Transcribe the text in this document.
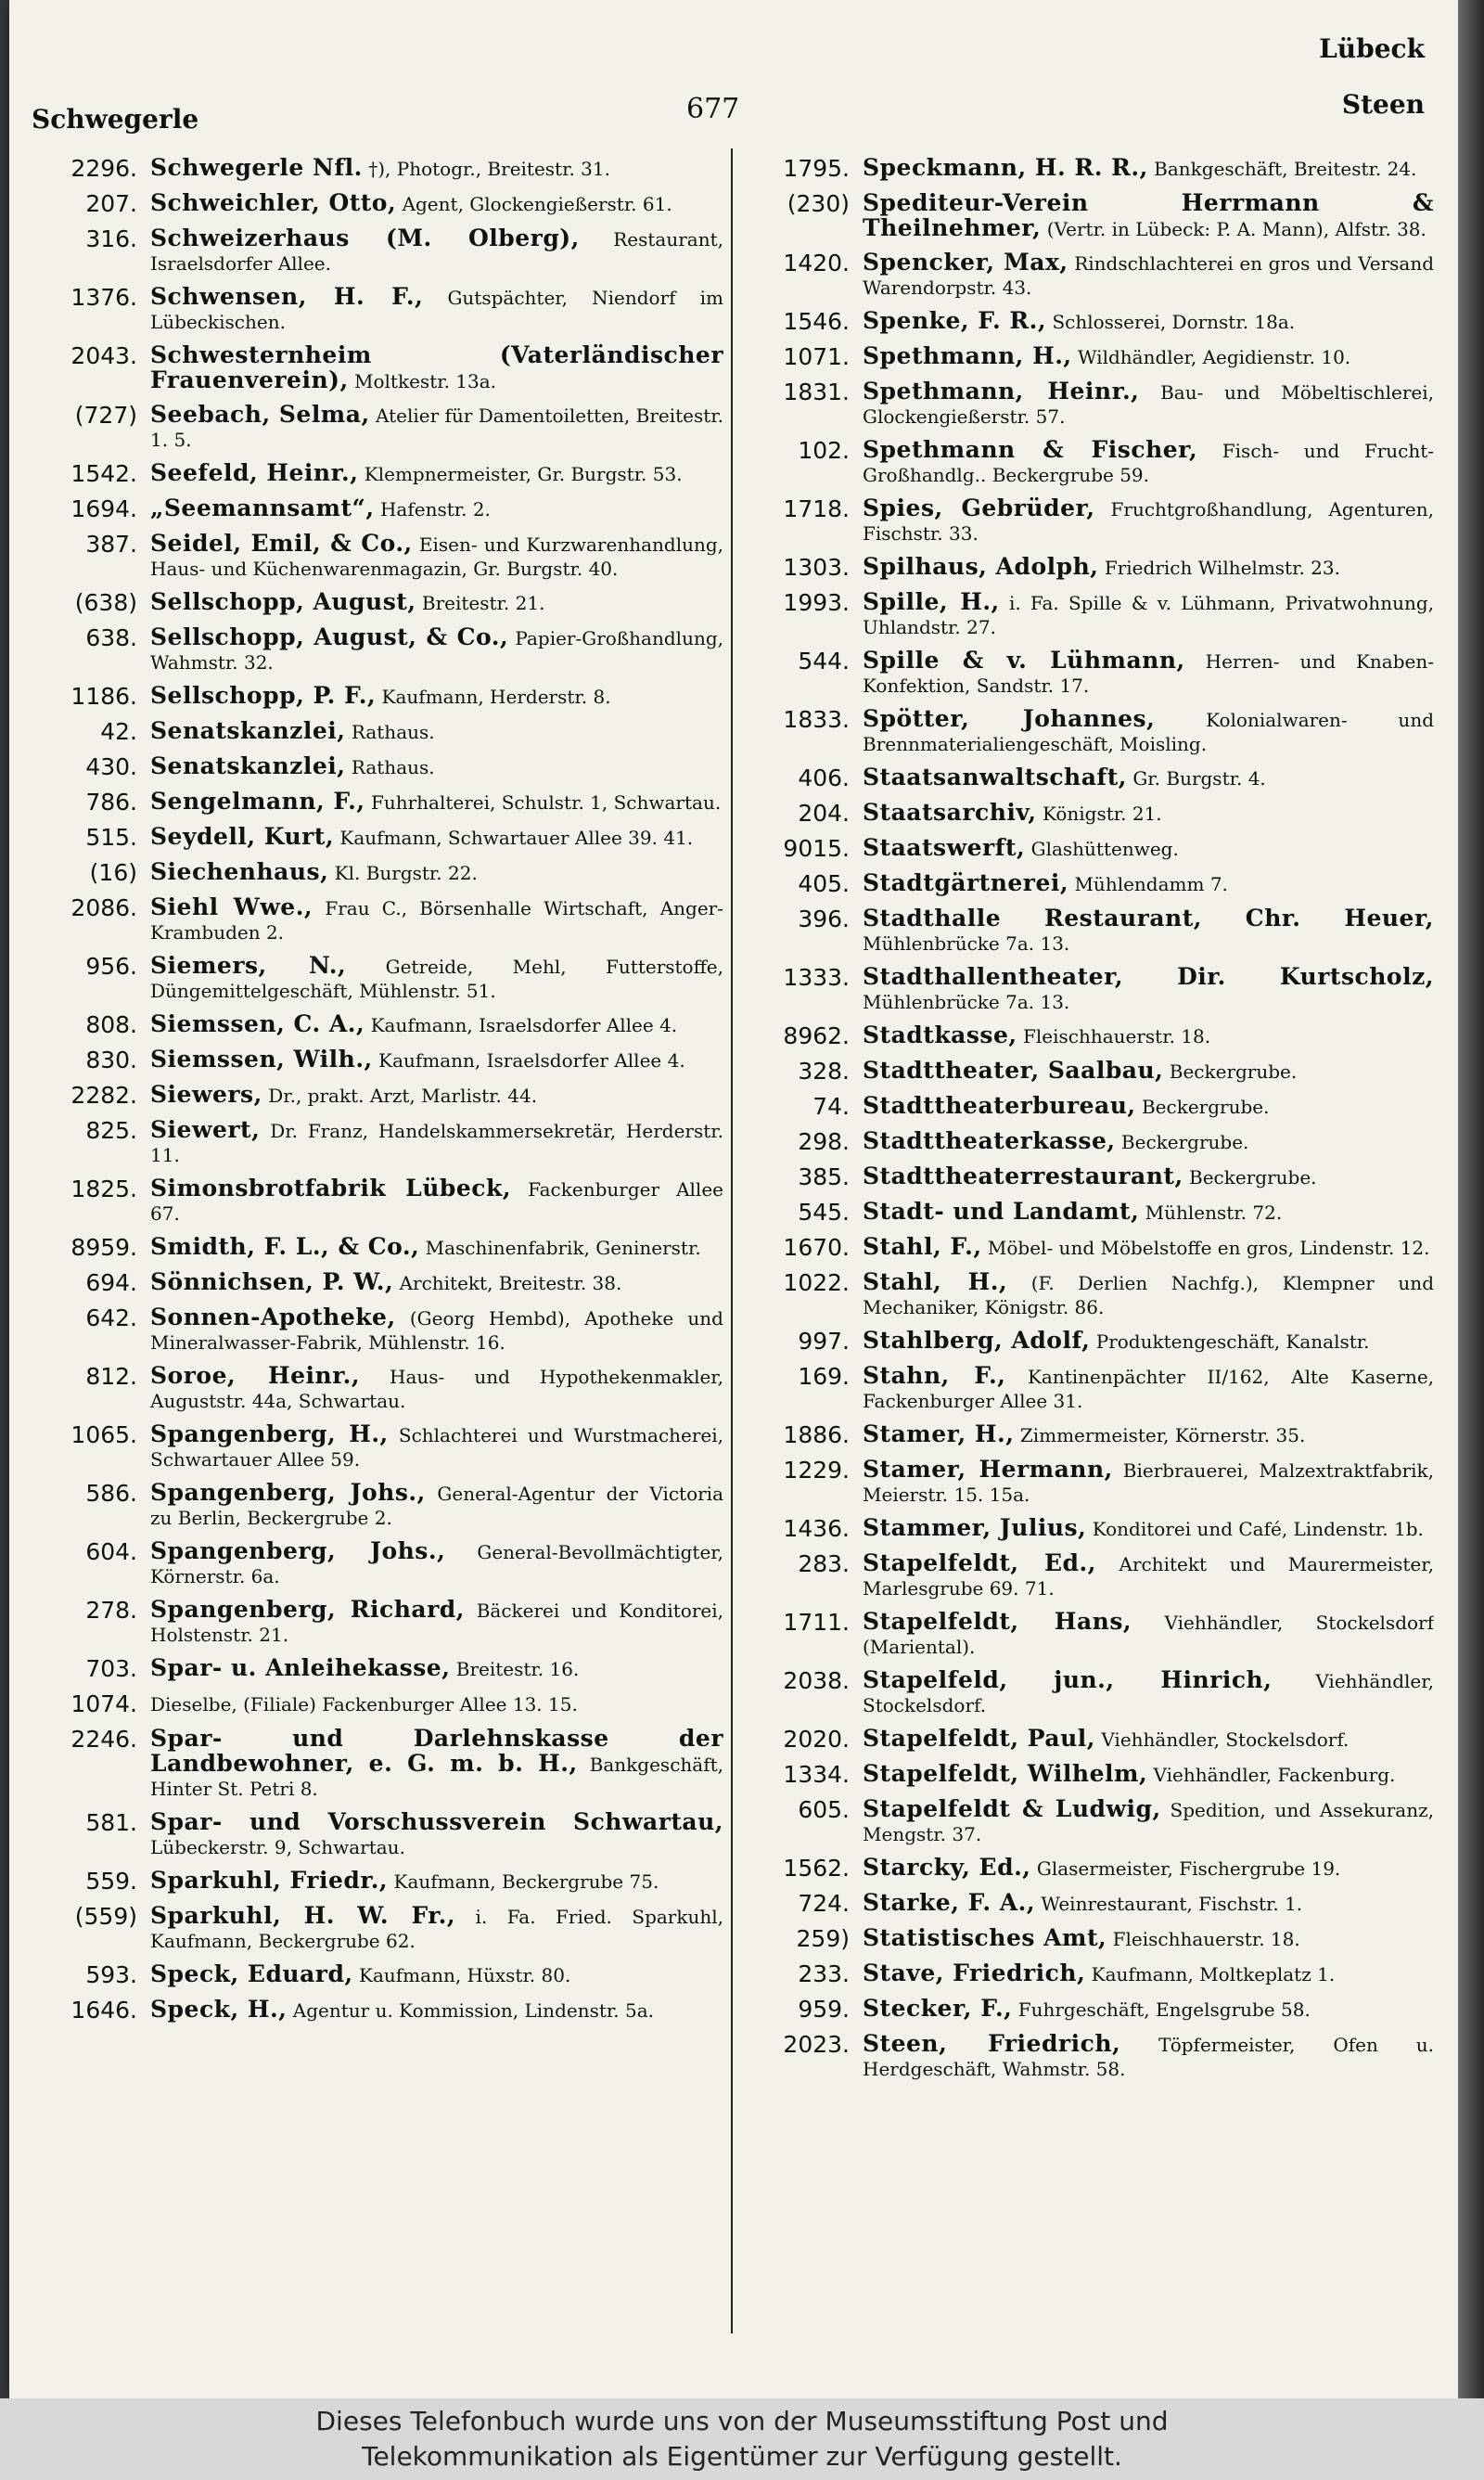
Schwegerle	677
Lübeck
Steen
2296. Schwegerle Nfl. †), Photogr., Breitestr. 31.
207. Schweichler, Otto, Agent, Glockengießerstr. 61.
316. Schweizerhaus (M. Olberg), Restaurant, Israelsdorfer Allee.
1376. Schwensen, H. F., Gutspächter, Niendorf im Lübeckischen.
2043. Schwesternheim (Vaterländischer Frauenverein), Moltkestr. 13a.
(727) Seebach, Selma, Atelier für Damentoiletten, Breitestr. 1. 5.
1542. Seefeld, Heinr., Klempnermeister, Gr. Burgstr. 53.
1694. „Seemannsamt“, Hafenstr. 2.
387. Seidel, Emil, & Co., Eisen- und Kurzwarenhandlung, Haus- und Küchenwarenmagazin, Gr. Burgstr. 40.
(638) Sellschopp, August, Breitestr. 21.
638. Sellschopp, August, & Co., Papier-Großhandlung, Wahmstr. 32.
1186. Sellschopp, P. F., Kaufmann, Herderstr. 8.
42. Senatskanzlei, Rathaus.
430. Senatskanzlei, Rathaus.
786. Sengelmann, F., Fuhrhalterei, Schulstr. 1, Schwartau.
515. Seydell, Kurt, Kaufmann, Schwartauer Allee 39. 41.
(16) Siechenhaus, Kl. Burgstr. 22.
2086. Siehl Wwe., Frau C., Börsenhalle Wirtschaft, Anger-Krambuden 2.
956. Siemers, N., Getreide, Mehl, Futterstoffe, Düngemittelgeschäft, Mühlenstr. 51.
808. Siemssen, C. A., Kaufmann, Israelsdorfer Allee 4.
830. Siemssen, Wilh., Kaufmann, Israelsdorfer Allee 4.
2282. Siewers, Dr., prakt. Arzt, Marlistr. 44.
825. Siewert, Dr. Franz, Handelskammersekretär, Herderstr. 11.
1825. Simonsbrotfabrik Lübeck, Fackenburger Allee 67.
8959. Smidth, F. L., & Co., Maschinenfabrik, Geninerstr.
694. Sönnichsen, P. W., Architekt, Breitestr. 38.
642. Sonnen-Apotheke, (Georg Hembd), Apotheke und Mineralwasser-Fabrik, Mühlenstr. 16.
812. Soroe, Heinr., Haus- und Hypothekenmakler, Auguststr. 44a, Schwartau.
1065. Spangenberg, H., Schlachterei und Wurstmacherei, Schwartauer Allee 59.
586. Spangenberg, Johs., General-Agentur der Victoria zu Berlin, Beckergrube 2.
604. Spangenberg, Johs., General-Bevollmächtigter, Körnerstr. 6a.
278. Spangenberg, Richard, Bäckerei und Konditorei, Holstenstr. 21.
703. Spar- u. Anleihekasse, Breitestr. 16.
1074. Dieselbe, (Filiale) Fackenburger Allee 13. 15.
2246. Spar- und Darlehnskasse der Landbewohner, e. G. m. b. H., Bankgeschäft, Hinter St. Petri 8.
581. Spar- und Vorschussverein Schwartau, Lübeckerstr. 9, Schwartau.
559. Sparkuhl, Friedr., Kaufmann, Beckergrube 75.
(559) Sparkuhl, H. W. Fr., i. Fa. Fried. Sparkuhl, Kaufmann, Beckergrube 62.
593. Speck, Eduard, Kaufmann, Hüxstr. 80.
1646. Speck, H., Agentur u. Kommission, Lindenstr. 5a.
1795. Speckmann, H. R. R., Bankgeschäft, Breitestr. 24.
(230) Spediteur-Verein Herrmann & Theilnehmer, (Vertr. in Lübeck: P. A. Mann), Alfstr. 38.
1420. Spencker, Max, Rindschlachterei en gros und Versand Warendorpstr. 43.
1546. Spenke, F. R., Schlosserei, Dornstr. 18a.
1071. Spethmann, H., Wildhändler, Aegidienstr. 10.
1831. Spethmann, Heinr., Bau- und Möbeltischlerei, Glockengießerstr. 57.
102. Spethmann & Fischer, Fisch- und Frucht-Großhandlg.. Beckergrube 59.
1718. Spies, Gebrüder, Fruchtgroßhandlung, Agenturen, Fischstr. 33.
1303. Spilhaus, Adolph, Friedrich Wilhelmstr. 23.
1993. Spille, H., i. Fa. Spille & v. Lühmann, Privatwohnung, Uhlandstr. 27.
544. Spille & v. Lühmann, Herren- und Knaben-Konfektion, Sandstr. 17.
1833. Spötter, Johannes,	Kolonialwaren- und Brennmaterialiengeschäft, Moisling.
406. Staatsanwaltschaft, Gr. Burgstr. 4.
204. Staatsarchiv, Königstr. 21.
9015. Staatswerft, Glashüttenweg.
405. Stadtgärtnerei, Mühlendamm 7.
396. Stadthalle Restaurant, Chr. Heuer, Mühlenbrücke 7a. 13.
1333. Stadthallentheater, Dir. Kurtscholz, Mühlenbrücke 7a. 13.
8962. Stadtkasse, Fleischhauerstr. 18.
328. Stadttheater, Saalbau, Beckergrube.
74. Stadttheaterbureau, Beckergrube.
298. Stadttheaterkasse, Beckergrube.
385. Stadttheaterrestaurant, Beckergrube.
545. Stadt- und Landamt, Mühlenstr. 72.
1670. Stahl, F., Möbel- und Möbelstoffe en gros, Lindenstr. 12.
1022. Stahl, H., (F. Derlien Nachfg.), Klempner und Mechaniker, Königstr. 86.
997. Stahlberg, Adolf, Produktengeschäft, Kanalstr.
169. Stahn, F., Kantinenpächter II/162, Alte Kaserne, Fackenburger Allee 31.
1886. Stamer, H., Zimmermeister, Körnerstr. 35.
1229. Stamer, Hermann, Bierbrauerei, Malzextraktfabrik, Meierstr. 15. 15a.
1436. Stammer, Julius, Konditorei und Café, Lindenstr. 1b.
283. Stapelfeldt, Ed., Architekt und Maurermeister, Marlesgrube 69. 71.
1711. Stapelfeldt, Hans, Viehhändler, Stockelsdorf (Mariental).
2038. Stapelfeld, jun., Hinrich, Viehhändler, Stockelsdorf.
2020. Stapelfeldt, Paul, Viehhändler, Stockelsdorf.
1334. Stapelfeldt, Wilhelm, Viehhändler, Fackenburg.
605. Stapelfeldt & Ludwig, Spedition, und Assekuranz, Mengstr. 37.
1562. Starcky, Ed., Glasermeister, Fischergrube 19.
724. Starke, F. A., Weinrestaurant, Fischstr. 1.
259) Statistisches Amt, Fleischhauerstr. 18.
233. Stave, Friedrich, Kaufmann, Moltkeplatz 1.
959. Stecker, F., Fuhrgeschäft, Engelsgrube 58.
2023. Steen, Friedrich, Töpfermeister, Ofen u. Herdgeschäft, Wahmstr. 58.
Dieses Telefonbuch wurde uns von der Museumsstiftung Post und
Telekommunikation als Eigentümer zur Verfügung gestellt.
